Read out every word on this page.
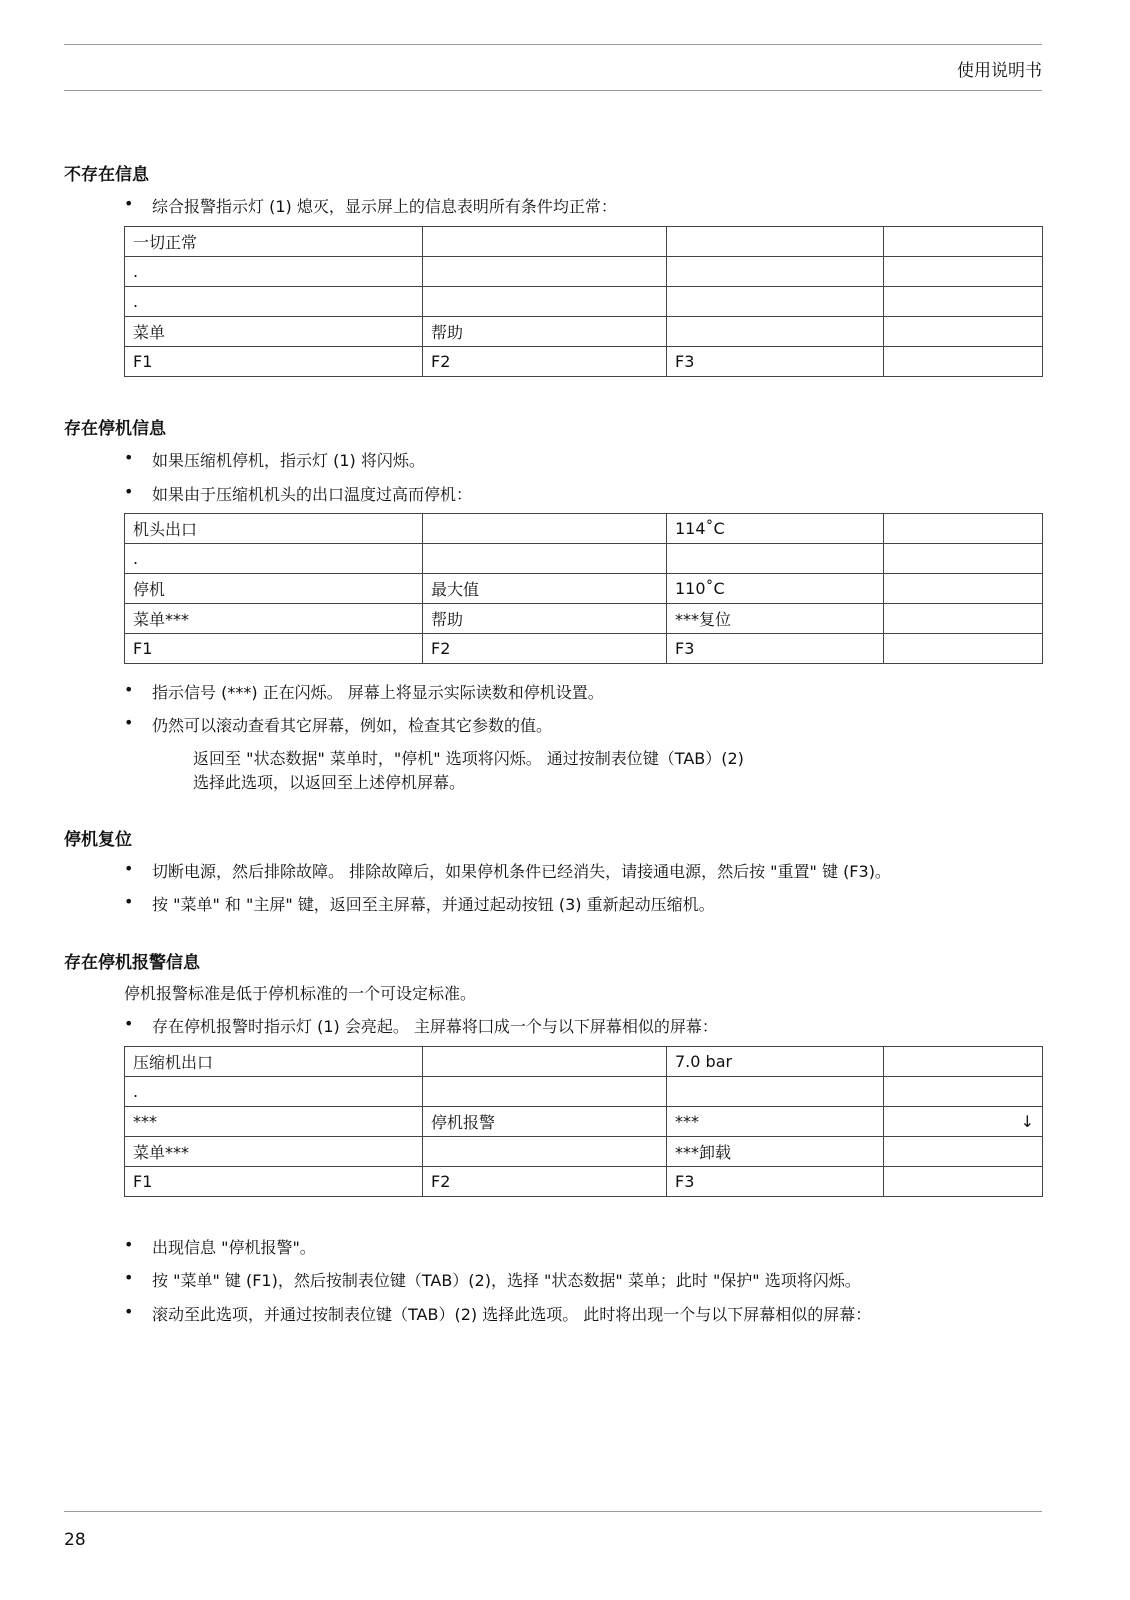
使用说明书
不存在信息
• 综合报警指示灯 (1) 熄灭，显示屏上的信息表明所有条件均正常：
一切正常			
.			
.			
菜单	帮助		
F1	F2	F3	
存在停机信息
• 如果压缩机停机，指示灯 (1) 将闪烁。
• 如果由于压缩机机头的出口温度过高而停机：
机头出口		114˚C	
.			
停机	最大值	110˚C	
菜单***	帮助	***复位	
F1	F2	F3	
• 指示信号 (***) 正在闪烁。 屏幕上将显示实际读数和停机设置。
• 仍然可以滚动查看其它屏幕，例如，检查其它参数的值。
返回至 "状态数据" 菜单时，"停机" 选项将闪烁。 通过按制表位键（TAB）(2)
选择此选项，以返回至上述停机屏幕。
停机复位
• 切断电源，然后排除故障。 排除故障后，如果停机条件已经消失，请接通电源，然后按 "重置" 键 (F3)。
• 按 "菜单" 和 "主屏" 键，返回至主屏幕，并通过起动按钮 (3) 重新起动压缩机。
存在停机报警信息
停机报警标准是低于停机标准的一个可设定标准。
• 存在停机报警时指示灯 (1) 会亮起。 主屏幕将囗成一个与以下屏幕相似的屏幕：
压缩机出口		7.0 bar	
.			
***	停机报警	***	↓
菜单***		***卸载	
F1	F2	F3	
• 出现信息 "停机报警"。
• 按 "菜单" 键 (F1)，然后按制表位键（TAB）(2)，选择 "状态数据" 菜单；此时 "保护" 选项将闪烁。
• 滚动至此选项，并通过按制表位键（TAB）(2) 选择此选项。 此时将出现一个与以下屏幕相似的屏幕：
28
